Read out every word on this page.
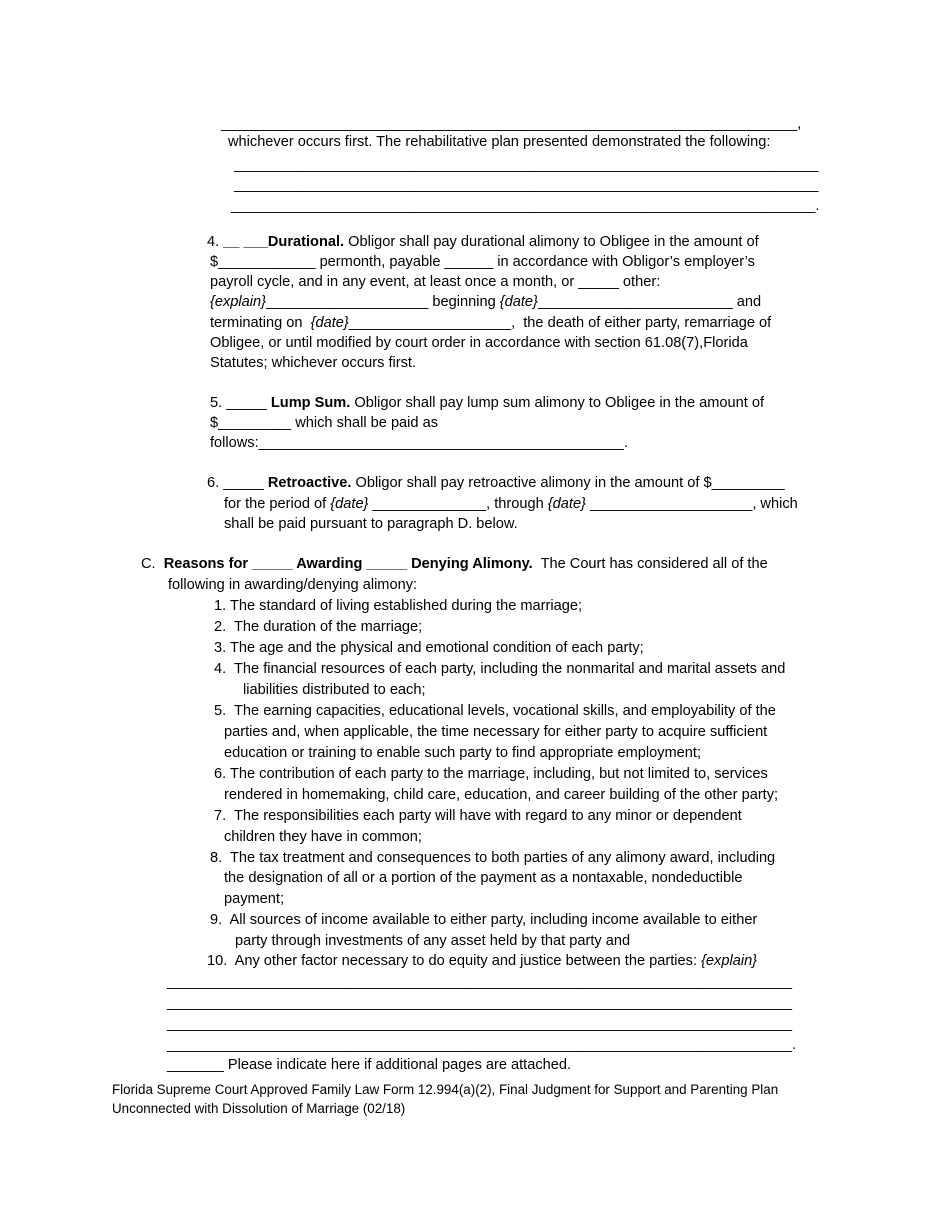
_______________________________________________________________________,
whichever occurs first. The rehabilitative plan presented demonstrated the following:
________________________________________________________________________
________________________________________________________________________
________________________________________________________________________.
4. __ ___Durational. Obligor shall pay durational alimony to Obligee in the amount of
$____________ permonth, payable ______ in accordance with Obligor’s employer’s
payroll cycle, and in any event, at least once a month, or _____ other:
{explain}____________________ beginning {date}________________________ and
terminating on  {date}____________________,  the death of either party, remarriage of
Obligee, or until modified by court order in accordance with section 61.08(7),Florida
Statutes; whichever occurs first.
5. _____ Lump Sum. Obligor shall pay lump sum alimony to Obligee in the amount of
$_________ which shall be paid as
follows:_____________________________________________.
6. _____ Retroactive. Obligor shall pay retroactive alimony in the amount of $_________
for the period of {date} ______________, through {date} ____________________, which
shall be paid pursuant to paragraph D. below.
C. Reasons for _____ Awarding _____ Denying Alimony.  The Court has considered all of the
following in awarding/denying alimony:
1. The standard of living established during the marriage;
2.  The duration of the marriage;
3. The age and the physical and emotional condition of each party;
4.  The financial resources of each party, including the nonmarital and marital assets and
liabilities distributed to each;
5.  The earning capacities, educational levels, vocational skills, and employability of the
parties and, when applicable, the time necessary for either party to acquire sufficient
education or training to enable such party to find appropriate employment;
6. The contribution of each party to the marriage, including, but not limited to, services
rendered in homemaking, child care, education, and career building of the other party;
7.  The responsibilities each party will have with regard to any minor or dependent
children they have in common;
8.  The tax treatment and consequences to both parties of any alimony award, including
the designation of all or a portion of the payment as a nontaxable, nondeductible
payment;
9.  All sources of income available to either party, including income available to either
party through investments of any asset held by that party and
10.  Any other factor necessary to do equity and justice between the parties: {explain}
_____________________________________________________________________________
_____________________________________________________________________________
_____________________________________________________________________________
_____________________________________________________________________________.
_______ Please indicate here if additional pages are attached.
Florida Supreme Court Approved Family Law Form 12.994(a)(2), Final Judgment for Support and Parenting Plan
Unconnected with Dissolution of Marriage (02/18)
